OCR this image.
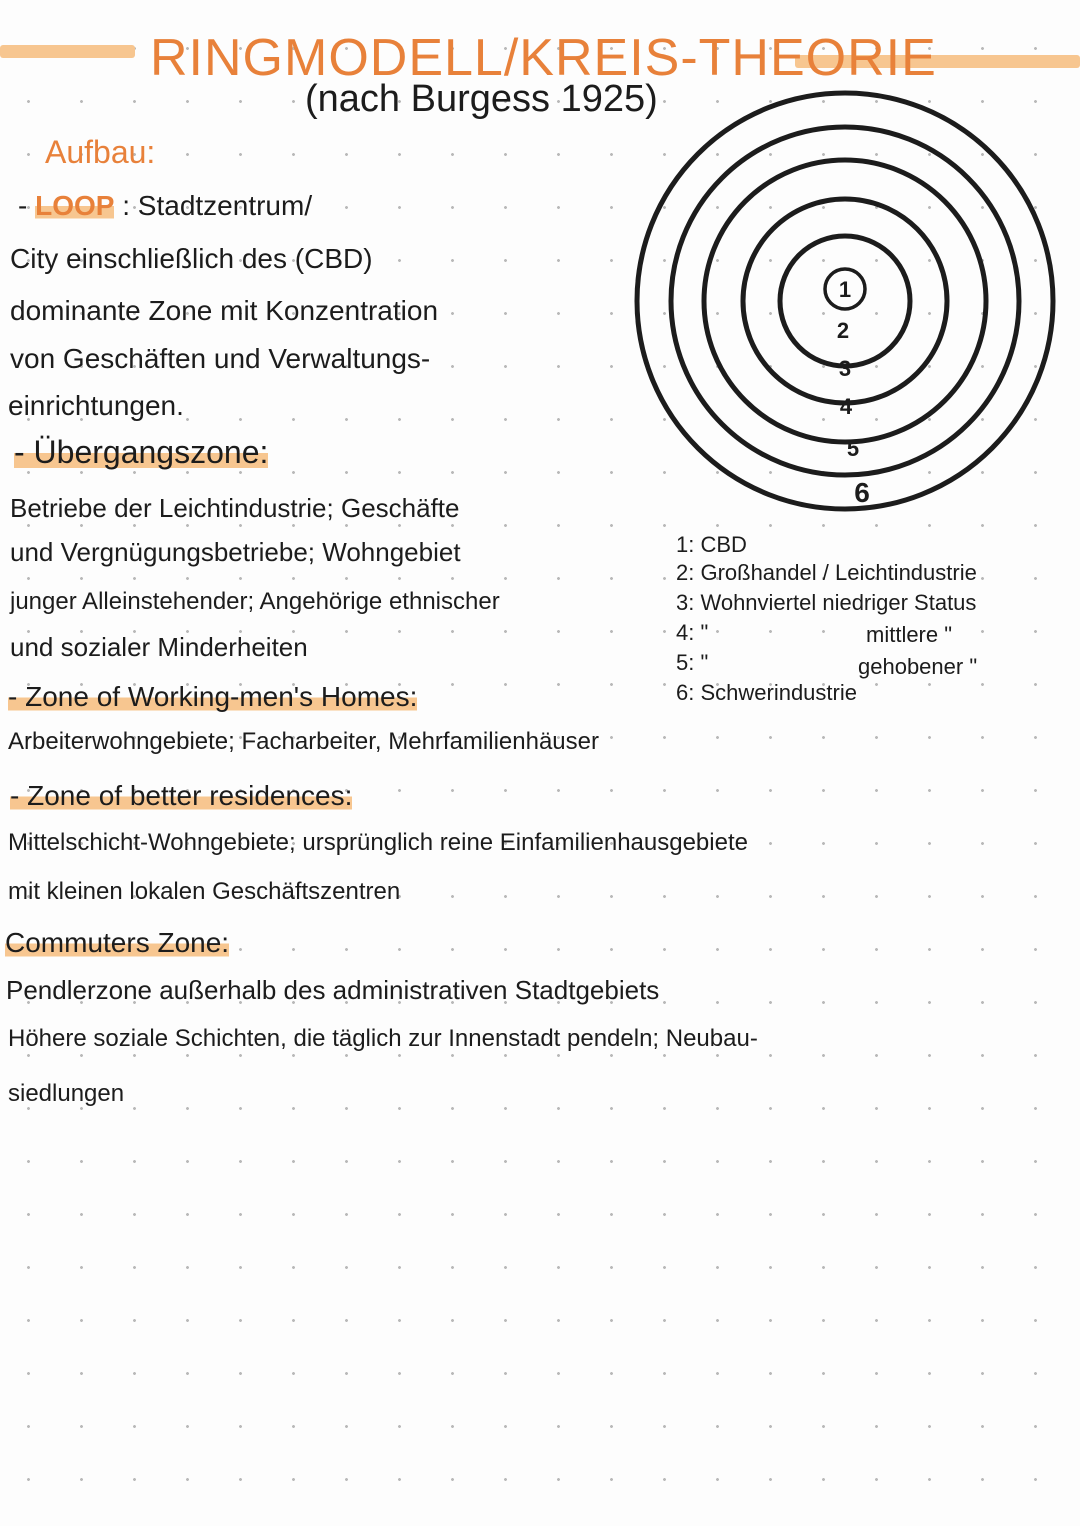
RINGMODELL/KREIS-THEORIE
(nach Burgess 1925)
Aufbau:
- LOOP : Stadtzentrum/
City einschließlich des (CBD)
dominante Zone mit Konzentration
von Geschäften und Verwaltungs-
einrichtungen.
- Übergangszone:
Betriebe der Leichtindustrie; Geschäfte
und Vergnügungsbetriebe; Wohngebiet
junger Alleinstehender; Angehörige ethnischer
und sozialer Minderheiten
- Zone of Working-men's Homes:
Arbeiterwohngebiete; Facharbeiter, Mehrfamilienhäuser
- Zone of better residences:
Mittelschicht-Wohngebiete; ursprünglich reine Einfamilienhausgebiete
mit kleinen lokalen Geschäftszentren
Commuters Zone:
Pendlerzone außerhalb des administrativen Stadtgebiets
Höhere soziale Schichten, die täglich zur Innenstadt pendeln; Neubau-
siedlungen
1
2
3
4
5
6
1: CBD
2: Großhandel / Leichtindustrie
3: Wohnviertel niedriger Status
4: "	mittlere "
5: "	gehobener "
6: Schwerindustrie
